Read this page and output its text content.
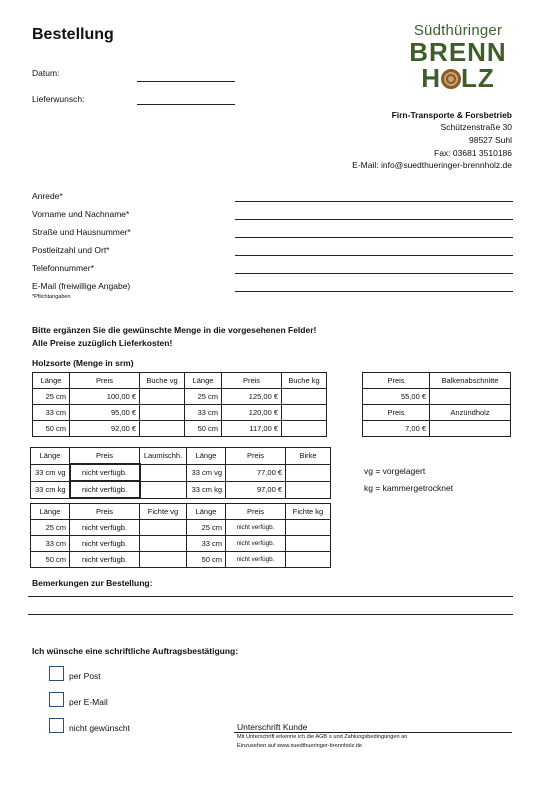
Bestellung
Datum:
Lieferwunsch:
Südthüringer
BRENN
H LZ
Firn-Transporte & Forsbetrieb
Schützenstraße 30
98527 Suhl
Fax: 03681 3510186
E-Mail: info@suedthueringer-brennholz.de
Anrede*
Vorname und Nachname*
Straße und Hausnummer*
Postleitzahl und Ort*
Telefonnummer*
E-Mail (freiwillige Angabe)
*Pflichtangaben
Bitte ergänzen Sie die gewünschte Menge in die vorgesehenen Felder!
Alle Preise zuzüglich Lieferkosten!
Holzsorte (Menge in srm)
Länge	Preis	Buche vg	Länge	Preis	Buche kg
25 cm	100,00 €		25 cm	125,00 €	
33 cm	95,00 €		33 cm	120,00 €	
50 cm	92,00 €		50 cm	117,00 €	
Preis	Balkenabschnitte
55,00 €	
Preis	Anzündholz
7,00 €	
Länge	Preis	Laumischh.	Länge	Preis	Birke
33 cm vg	nicht verfügb.		33 cm vg	77,00 €	
33 cm kg	nicht verfügb.		33 cm kg	97,00 €	
vg = vorgelagert
kg = kammergetrocknet
Länge	Preis	Fichte vg	Länge	Preis	Fichte kg
25 cm	nicht verfügb.		25 cm	nicht verfügb.	
33 cm	nicht verfügb.		33 cm	nicht verfügb.	
50 cm	nicht verfügb.		50 cm	nicht verfügb.	
Bemerkungen zur Bestellung:
Ich wünsche eine schriftliche Auftragsbestätigung:
per Post
per E-Mail
nicht gewünscht	Unterschrift Kunde
Mit Unterschrift erkenne ich die AGB´s und Zahlungsbedingungen an
Einzusehen auf www.suedthueringer-brennholz.de
